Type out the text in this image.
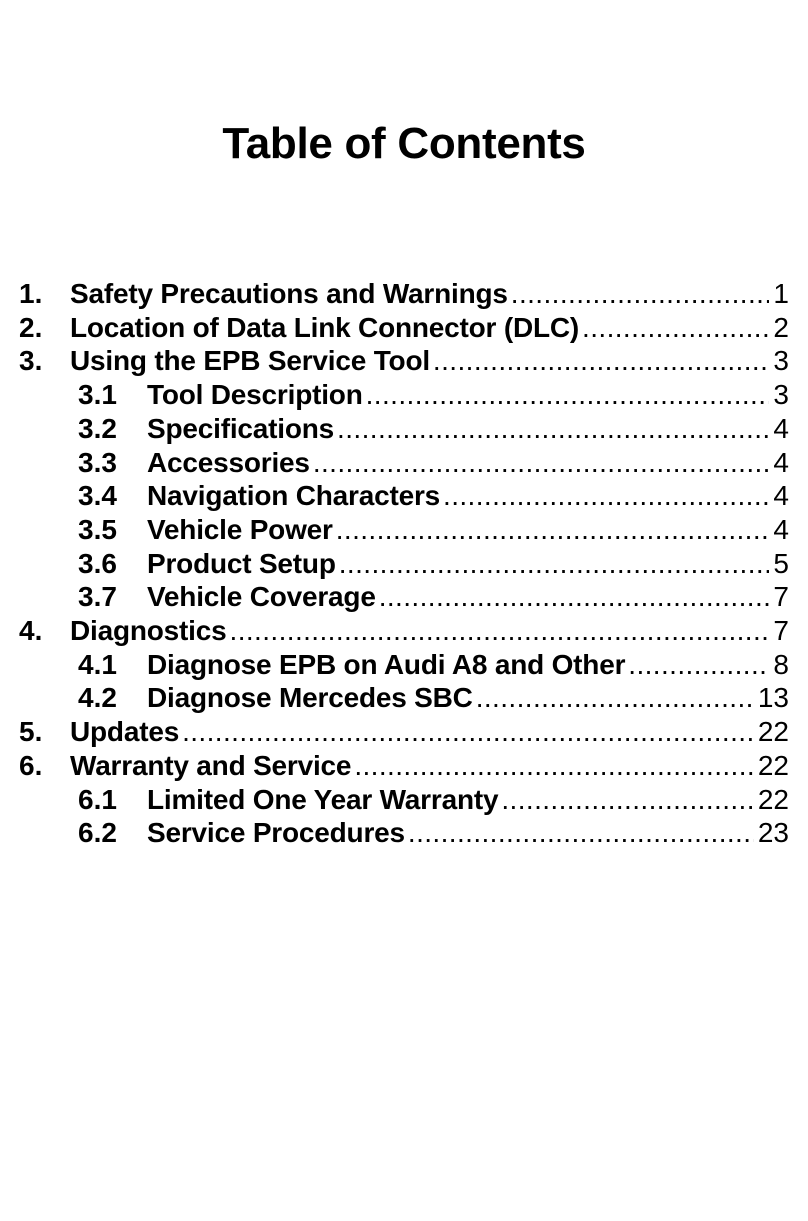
Table of Contents
1. Safety Precautions and Warnings .....	1
2. Location of Data Link Connector (DLC) .....	2
3. Using the EPB Service Tool .....	3
3.1	Tool Description .....	3
3.2	Specifications .....	4
3.3	Accessories .....	4
3.4	Navigation Characters .....	4
3.5	Vehicle Power .....	4
3.6	Product Setup .....	5
3.7	Vehicle Coverage .....	7
4. Diagnostics .....	7
4.1	Diagnose EPB on Audi A8 and Other .....	8
4.2	Diagnose Mercedes SBC .....	13
5. Updates .....	22
6. Warranty and Service .....	22
6.1	Limited One Year Warranty .....	22
6.2	Service Procedures .....	23
